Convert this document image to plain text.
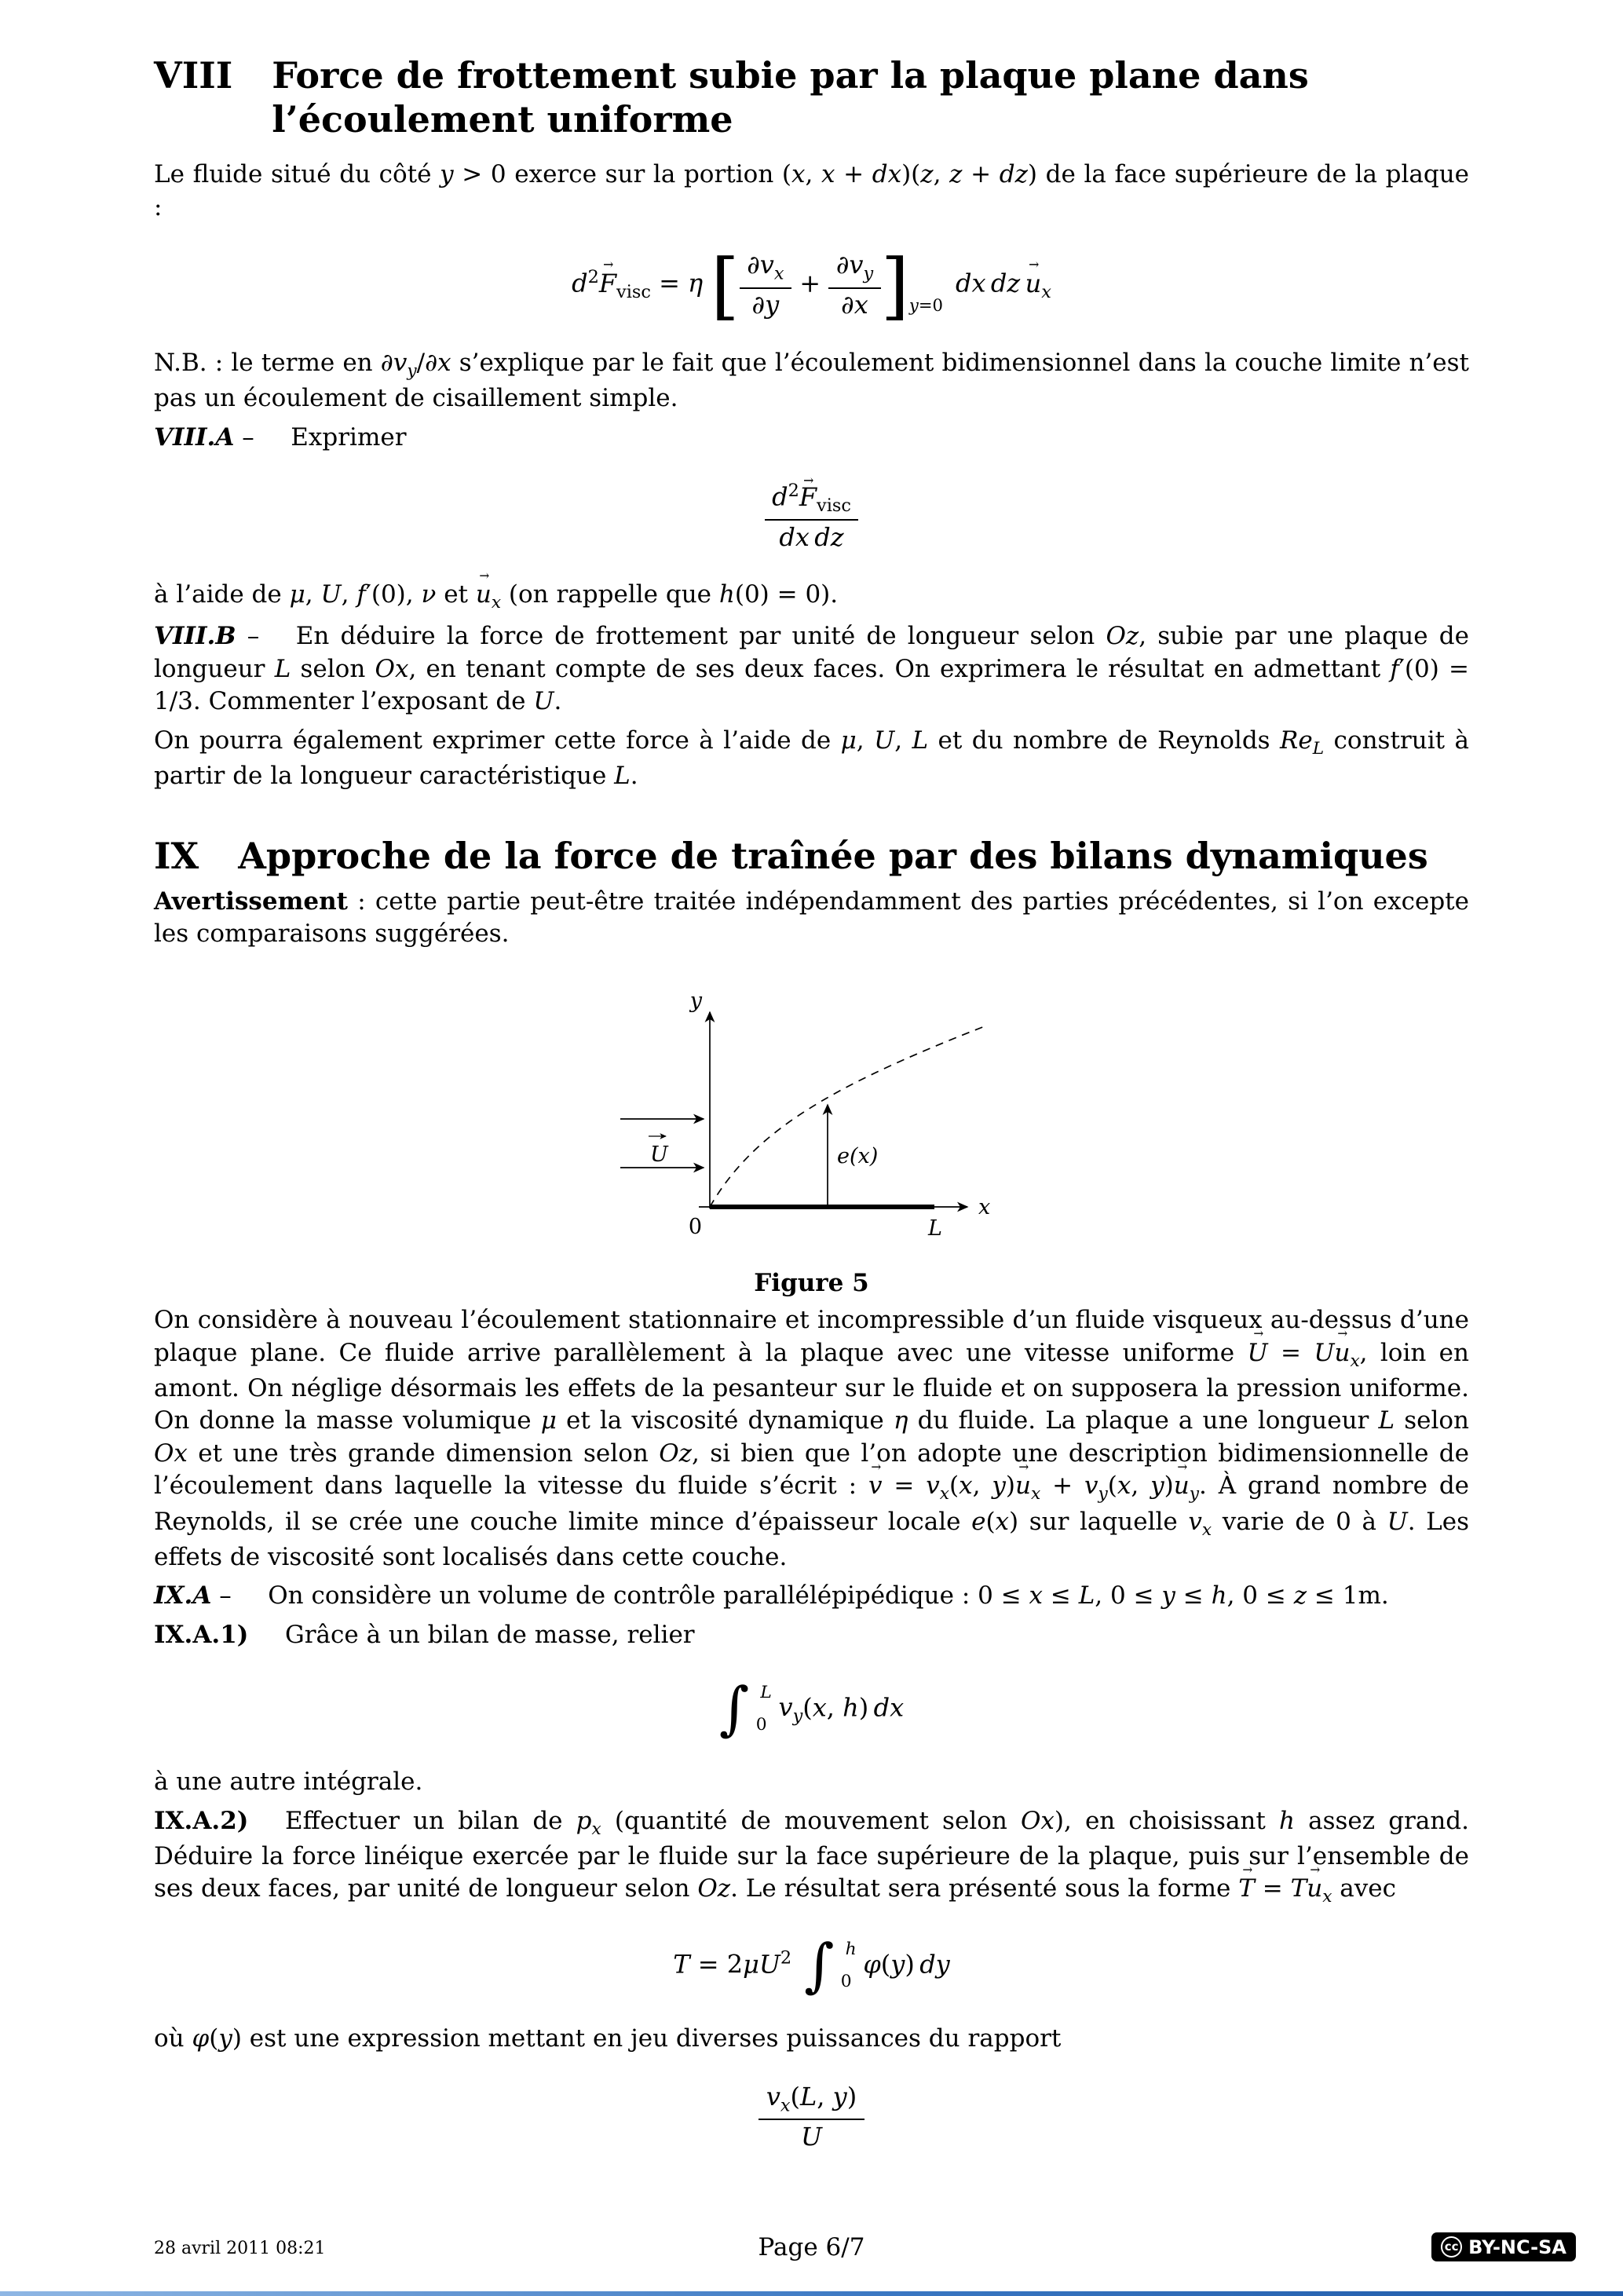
VIII Force de frottement subie par la plaque plane dans l’écoulement uniforme

Le fluide situé du côté y > 0 exerce sur la portion (x, x + dx)(z, z + dz) de la face supérieure de la plaque :

$d^2\to F_{visc} = \eta$ [ $\frac{\partial v_x}{\partial y} + \frac{\partial v_y}{\partial x} ]_{y=0}dx$  dz  → $u_x$

N.B. : le terme en $\partial v_y/\partial x$ s’explique par le fait que l’écoulement bidimensionnel dans la couche limite n’est pas un écoulement de cisaillement simple.

VIII.A –  Exprimer

$\frac{d^2\to F_{visc}}{\text{dx  dz}}$

à l’aide de μ, U, f′(0), ν et → $u_x$ (on rappelle que h(0) = 0).

VIII.B –  En déduire la force de frottement par unité de longueur selon Oz, subie par une plaque de longueur L selon Ox, en tenant compte de ses deux faces. On exprimera le résultat en admettant f′(0) = 1/3. Commenter l’exposant de U.

On pourra également exprimer cette force à l’aide de μ, U, L et du nombre de Reynolds $Re_L$ construit à partir de la longueur caractéristique L.

IX Approche de la force de traînée par des bilans dynamiques

Avertissement : cette partie peut-être traitée indépendamment des parties précédentes, si l’on excepte les comparaisons suggérées.

y
x
0	L
U	e(x)
Figure 5

On considère à nouveau l’écoulement stationnaire et incompressible d’un fluide visqueux au-dessus d’une plaque plane. Ce fluide arrive parallèlement à la plaque avec une vitesse uniforme → $U = U\to u_x$, loin en amont. On néglige désormais les effets de la pesanteur sur le fluide et on supposera la pression uniforme. On donne la masse volumique μ et la viscosité dynamique η du fluide. La plaque a une longueur L selon Ox et une très grande dimension selon Oz, si bien que l’on adopte une description bidimensionnelle de l’écoulement dans laquelle la vitesse du fluide s’écrit : → $v = v_x(x$, $y)\to u_x + v_y(x$, $y)\to u_y$. À grand nombre de Reynolds, il se crée une couche limite mince d’épaisseur locale e(x) sur laquelle $v_x$ varie de 0 à U. Les effets de viscosité sont localisés dans cette couche.

IX.A –  On considère un volume de contrôle parallélépipédique : 0 ≤ x ≤ L, 0 ≤ y ≤ h, 0 ≤ z ≤ 1m.

IX.A.1)  Grâce à un bilan de masse, relier

∫ L
0
$v_y(x$, h) dx

à une autre intégrale.

IX.A.2)  Effectuer un bilan de $p_x$ (quantité de mouvement selon Ox), en choisissant h assez grand. Déduire la force linéique exercée par le fluide sur la face supérieure de la plaque, puis sur l’ensemble de ses deux faces, par unité de longueur selon Oz. Le résultat sera présenté sous la forme → $T = T\to u_x$ avec

$T = 2\mu U^2$ ∫ h
0
φ(y) dy

où φ(y) est une expression mettant en jeu diverses puissances du rapport

$\frac{v_x(L, y)}{U}$
28 avril 2011 08:21	Page 6/7	cc BY-NC-SA
